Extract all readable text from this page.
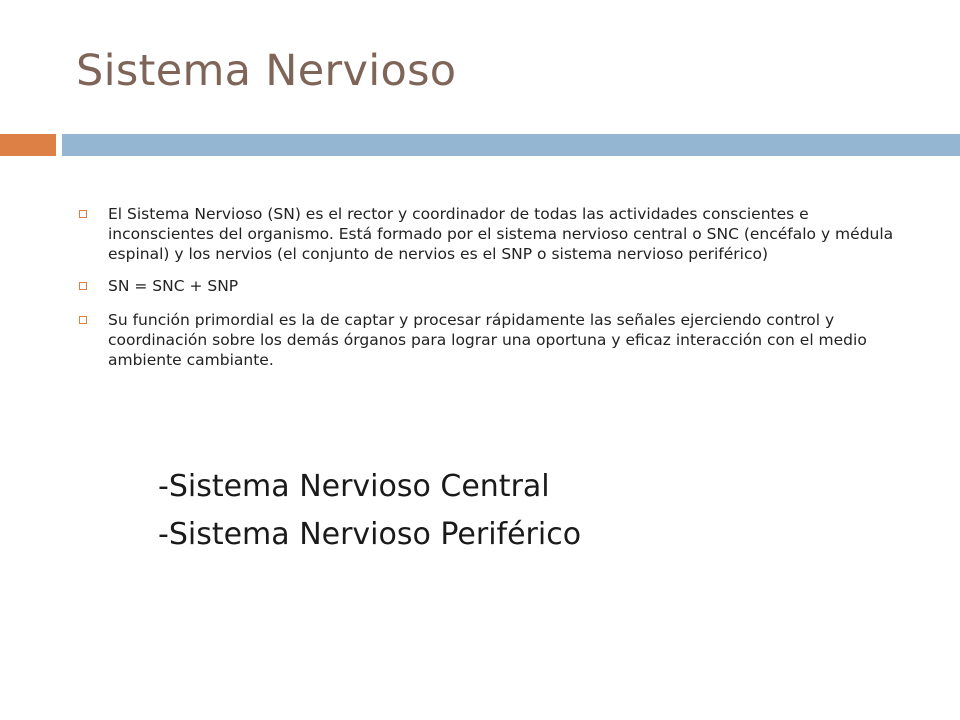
Sistema Nervioso
El Sistema Nervioso (SN) es el rector y coordinador de todas las actividades conscientes e inconscientes del organismo. Está formado por el sistema nervioso central o SNC (encéfalo y médula espinal) y los nervios (el conjunto de nervios es el SNP o sistema nervioso periférico)
SN = SNC + SNP
Su función primordial es la de captar y procesar rápidamente las señales ejerciendo control y coordinación sobre los demás órganos para lograr una oportuna y eficaz interacción con el medio ambiente cambiante.
-Sistema Nervioso Central
-Sistema Nervioso Periférico
